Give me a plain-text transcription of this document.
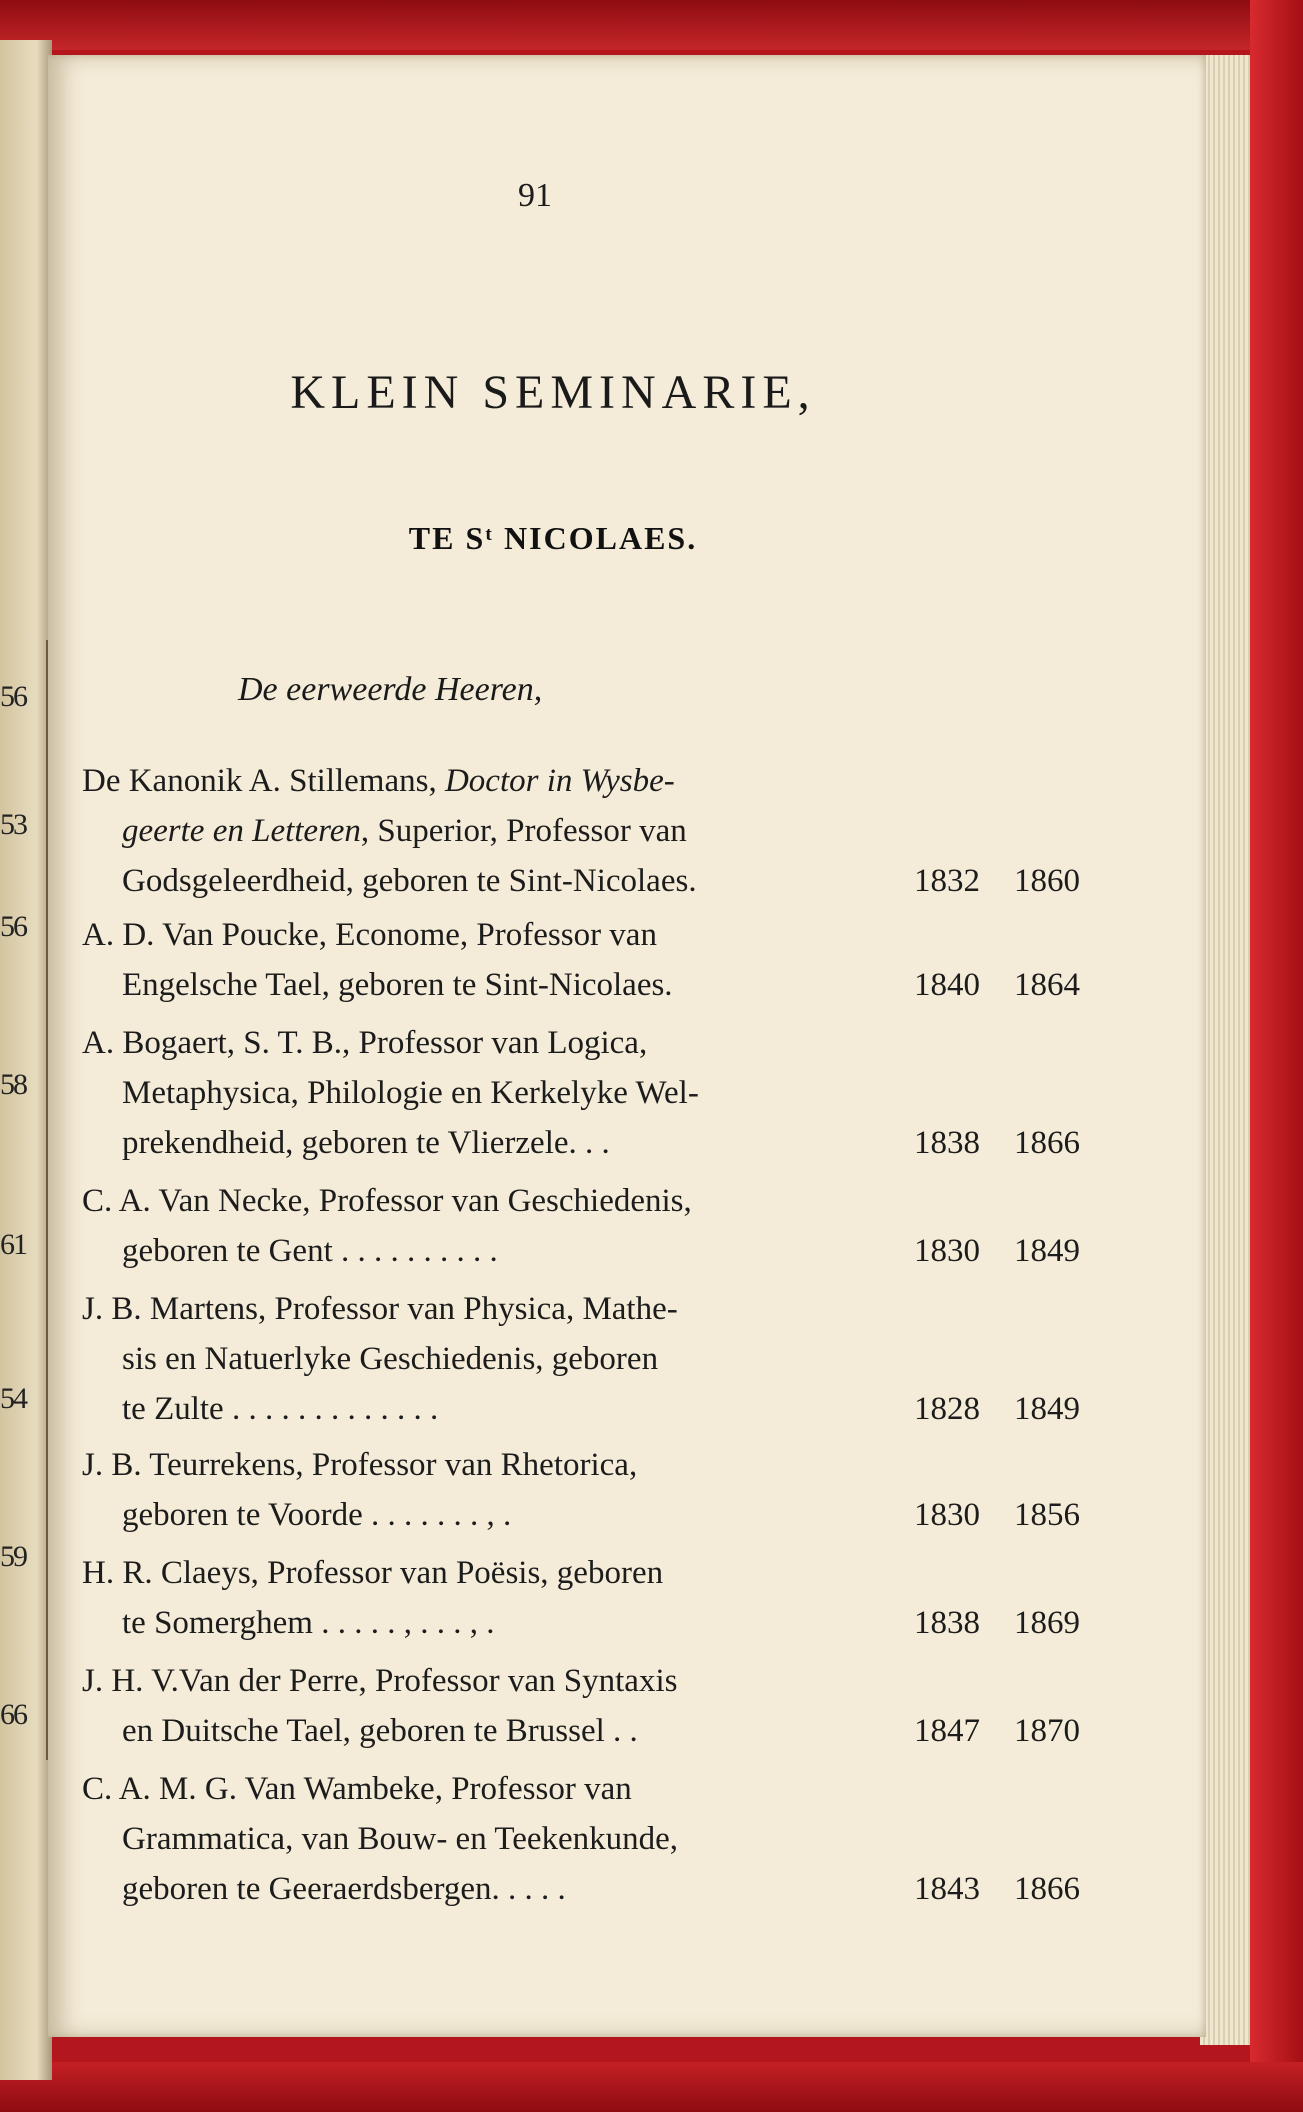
56
53
56
58
61
54
59
66
91
KLEIN SEMINARIE,
TE Sᵗ NICOLAES.
De eerweerde Heeren,
De Kanonik A. Stillemans, Doctor in Wysbe-
geerte en Letteren, Superior, Professor van
Godsgeleerdheid, geboren te Sint-Nicolaes.	1832 1860
A. D. Van Poucke, Econome, Professor van
Engelsche Tael, geboren te Sint-Nicolaes.	1840 1864
A. Bogaert, S. T. B., Professor van Logica,
Metaphysica, Philologie en Kerkelyke Wel-
prekendheid, geboren te Vlierzele. . .	1838 1866
C. A. Van Necke, Professor van Geschiedenis,
geboren te Gent . . . . . . . . . .	1830 1849
J. B. Martens, Professor van Physica, Mathe-
sis en Natuerlyke Geschiedenis, geboren
te Zulte . . . . . . . . . . . . .	1828 1849
J. B. Teurrekens, Professor van Rhetorica,
geboren te Voorde . . . . . . . , .	1830 1856
H. R. Claeys, Professor van Poësis, geboren
te Somerghem . . . . . , . . . , .	1838 1869
J. H. V.Van der Perre, Professor van Syntaxis
en Duitsche Tael, geboren te Brussel . .	1847 1870
C. A. M. G. Van Wambeke, Professor van
Grammatica, van Bouw- en Teekenkunde,
geboren te Geeraerdsbergen. . . . .	1843 1866
